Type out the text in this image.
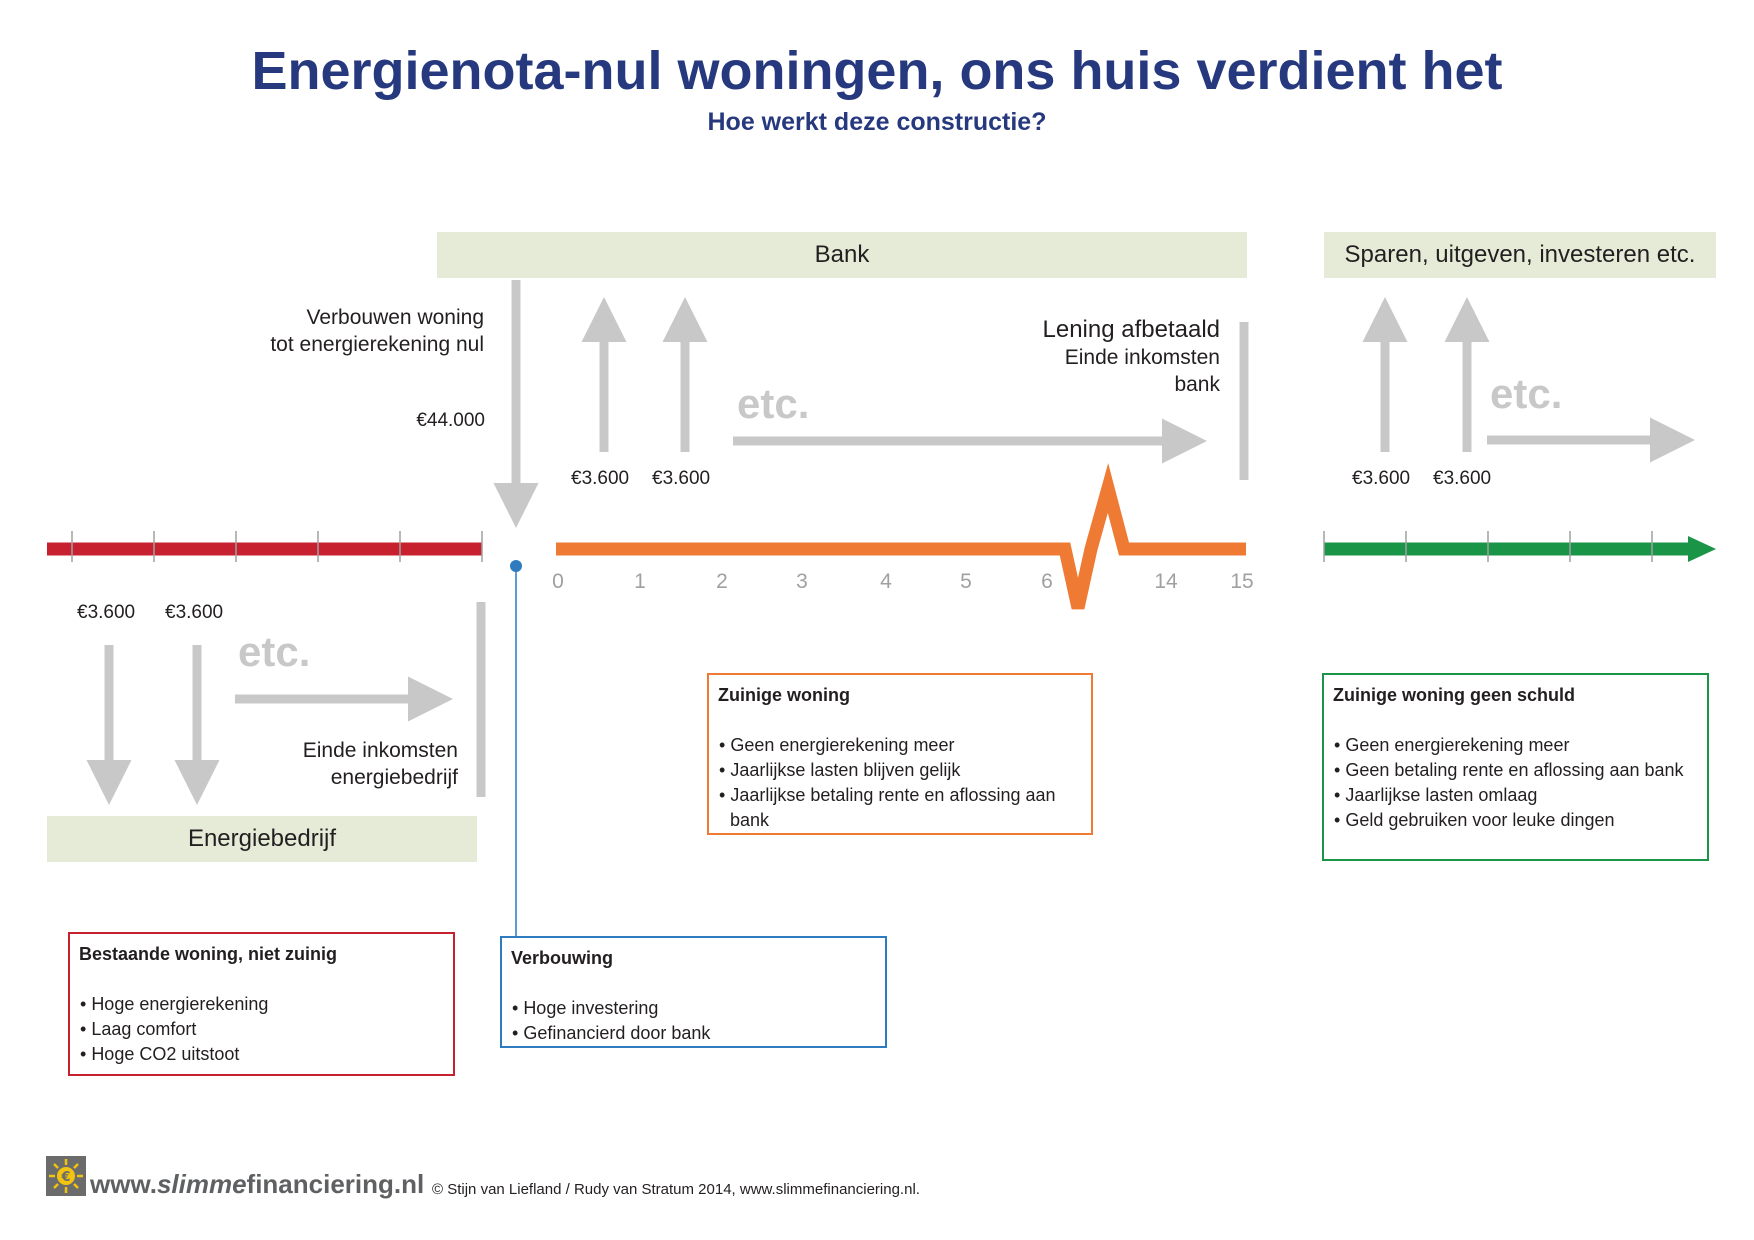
Energienota-nul woningen, ons huis verdient het
Hoe werkt deze constructie?
Bank	Sparen, uitgeven, investeren etc.
Energiebedrijf
0	1	2	3	4	5	6	14	15
Verbouwen woning
tot energierekening nul
€44.000
€3.600 €3.600
etc.
Lening afbetaald
Einde inkomsten
bank
€3.600 €3.600
etc.
€3.600 €3.600
etc.
Einde inkomsten
energiebedrijf
Bestaande woning, niet zuinig
• Hoge energierekening
• Laag comfort
• Hoge CO2 uitstoot
Verbouwing
• Hoge investering
• Gefinancierd door bank
Zuinige woning
• Geen energierekening meer
• Jaarlijkse lasten blijven gelijk
• Jaarlijkse betaling rente en aflossing aan bank
Zuinige woning geen schuld
• Geen energierekening meer
• Geen betaling rente en aflossing aan bank
• Jaarlijkse lasten omlaag
• Geld gebruiken voor leuke dingen
€ www.slimmefinanciering.nl © Stijn van Liefland / Rudy van Stratum 2014, www.slimmefinanciering.nl.
